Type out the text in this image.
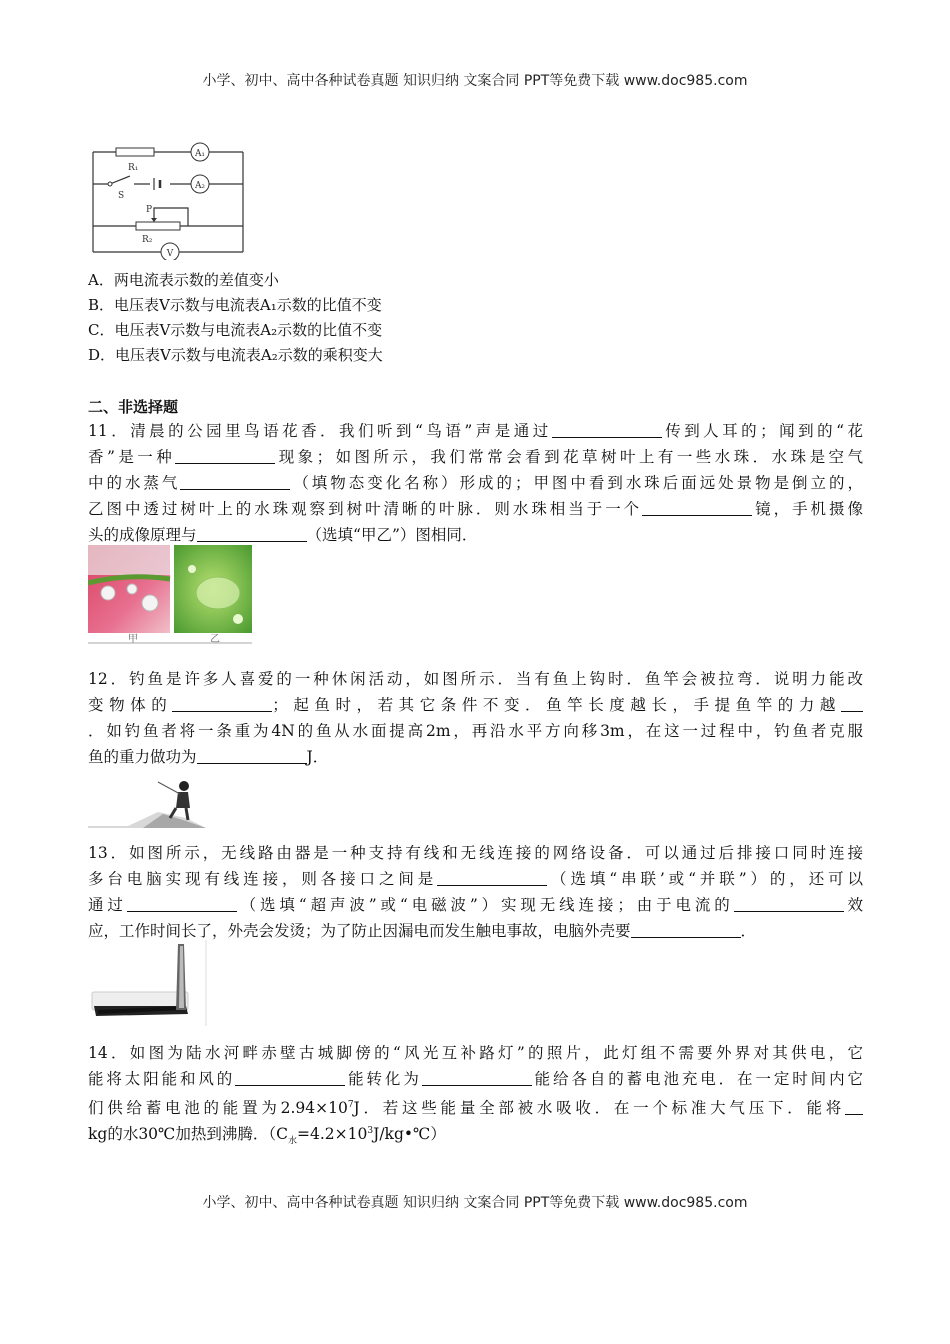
小学、初中、高中各种试卷真题 知识归纳 文案合同 PPT等免费下载 www.doc985.com
A₁
R₁
S
A₂
P
R₂
V
A．两电流表示数的差值变小
B．电压表V示数与电流表A₁示数的比值不变
C．电压表V示数与电流表A₂示数的比值不变
D．电压表V示数与电流表A₂示数的乘积变大
二、非选择题
11．清晨的公园里鸟语花香．我们听到“鸟语”声是通过	传到人耳的；闻到的“花
香”是一种	现象；如图所示，我们常常会看到花草树叶上有一些水珠．水珠是空气
中的水蒸气	（填物态变化名称）形成的；甲图中看到水珠后面远处景物是倒立的，
乙图中透过树叶上的水珠观察到树叶清晰的叶脉．则水珠相当于一个	镜，手机摄像
头的成像原理与	（选填“甲乙”）图相同．
甲	乙
12．钓鱼是许多人喜爱的一种休闲活动，如图所示．当有鱼上钩时．鱼竿会被拉弯．说明力能改
变物体的	；起鱼时，若其它条件不变．鱼竿长度越长，手提鱼竿的力越
．如钓鱼者将一条重为4N的鱼从水面提高2m，再沿水平方向移3m，在这一过程中，钓鱼者克服
鱼的重力做功为	J．
13．如图所示，无线路由器是一种支持有线和无线连接的网络设备．可以通过后排接口同时连接
多台电脑实现有线连接，则各接口之间是	（选填“串联’或“并联”）的，还可以
通过	（选填“超声波”或“电磁波”）实现无线连接；由于电流的	效
应，工作时间长了，外壳会发烫；为了防止因漏电而发生触电事故，电脑外壳要	．
14．如图为陆水河畔赤壁古城脚傍的“风光互补路灯”的照片，此灯组不需要外界对其供电，它
能将太阳能和风的	能转化为	能给各自的蓄电池充电．在一定时间内它
们供给蓄电池的能置为$2.94\times 10^7J$．若这些能量全部被水吸收．在一个标准大气压下．能将
kg的水30℃加热到沸腾．$(C_水=4.2\times 10^3J/kg•℃)$
小学、初中、高中各种试卷真题 知识归纳 文案合同 PPT等免费下载 www.doc985.com
